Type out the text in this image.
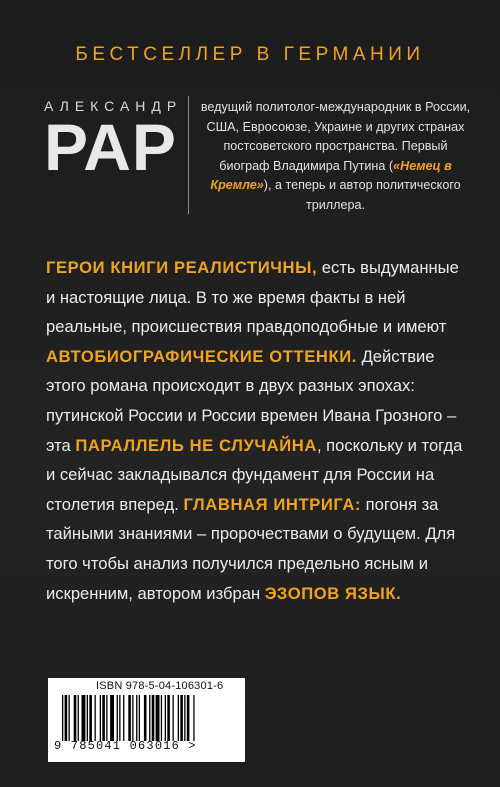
БЕСТСЕЛЛЕР В ГЕРМАНИИ
АЛЕКСАНДР
РАР
ведущий политолог-международник в России, США, Евросоюзе, Украине и других странах постсоветского пространства. Первый биограф Владимира Путина («Немец в Кремле»), а теперь и автор политического триллера.
ГЕРОИ КНИГИ РЕАЛИСТИЧНЫ, есть выдуманные и настоящие лица. В то же время факты в ней реальные, происшествия правдоподобные и имеют АВТОБИОГРАФИЧЕСКИЕ ОТТЕНКИ. Действие этого романа происходит в двух разных эпохах: путинской России и России времен Ивана Грозного – эта ПАРАЛЛЕЛЬ НЕ СЛУЧАЙНА, поскольку и тогда и сейчас закладывался фундамент для России на столетия вперед. ГЛАВНАЯ ИНТРИГА: погоня за тайными знаниями – пророчествами о будущем. Для того чтобы анализ получился предельно ясным и искренним, автором избран ЭЗОПОВ ЯЗЫК.
ISBN 978-5-04-106301-6
9 785041 063016 >
